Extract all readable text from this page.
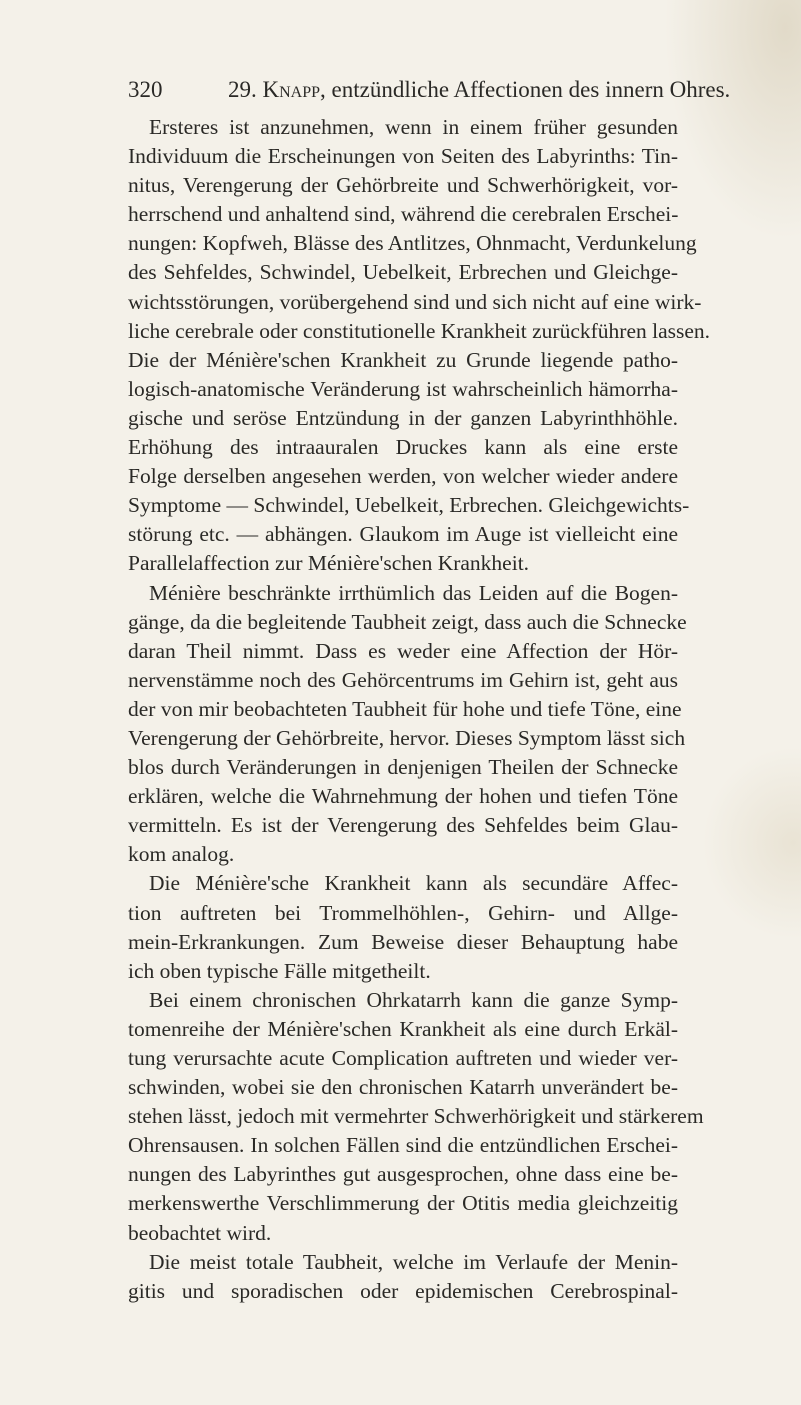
320	29. Knapp, entzündliche Affectionen des innern Ohres.
Ersteres ist anzunehmen, wenn in einem früher gesunden
Individuum die Erscheinungen von Seiten des Labyrinths: Tin-
nitus, Verengerung der Gehörbreite und Schwerhörigkeit, vor-
herrschend und anhaltend sind, während die cerebralen Erschei-
nungen: Kopfweh, Blässe des Antlitzes, Ohnmacht, Verdunkelung
des Sehfeldes, Schwindel, Uebelkeit, Erbrechen und Gleichge-
wichtsstörungen, vorübergehend sind und sich nicht auf eine wirk-
liche cerebrale oder constitutionelle Krankheit zurückführen lassen.
Die der Ménière'schen Krankheit zu Grunde liegende patho-
logisch-anatomische Veränderung ist wahrscheinlich hämorrha-
gische und seröse Entzündung in der ganzen Labyrinthhöhle.
Erhöhung des intraauralen Druckes kann als eine erste
Folge derselben angesehen werden, von welcher wieder andere
Symptome — Schwindel, Uebelkeit, Erbrechen. Gleichgewichts-
störung etc. — abhängen. Glaukom im Auge ist vielleicht eine
Parallelaffection zur Ménière'schen Krankheit.
Ménière beschränkte irrthümlich das Leiden auf die Bogen-
gänge, da die begleitende Taubheit zeigt, dass auch die Schnecke
daran Theil nimmt. Dass es weder eine Affection der Hör-
nervenstämme noch des Gehörcentrums im Gehirn ist, geht aus
der von mir beobachteten Taubheit für hohe und tiefe Töne, eine
Verengerung der Gehörbreite, hervor. Dieses Symptom lässt sich
blos durch Veränderungen in denjenigen Theilen der Schnecke
erklären, welche die Wahrnehmung der hohen und tiefen Töne
vermitteln. Es ist der Verengerung des Sehfeldes beim Glau-
kom analog.
Die Ménière'sche Krankheit kann als secundäre Affec-
tion auftreten bei Trommelhöhlen-, Gehirn- und Allge-
mein-Erkrankungen. Zum Beweise dieser Behauptung habe
ich oben typische Fälle mitgetheilt.
Bei einem chronischen Ohrkatarrh kann die ganze Symp-
tomenreihe der Ménière'schen Krankheit als eine durch Erkäl-
tung verursachte acute Complication auftreten und wieder ver-
schwinden, wobei sie den chronischen Katarrh unverändert be-
stehen lässt, jedoch mit vermehrter Schwerhörigkeit und stärkerem
Ohrensausen. In solchen Fällen sind die entzündlichen Erschei-
nungen des Labyrinthes gut ausgesprochen, ohne dass eine be-
merkenswerthe Verschlimmerung der Otitis media gleichzeitig
beobachtet wird.
Die meist totale Taubheit, welche im Verlaufe der Menin-
gitis und sporadischen oder epidemischen Cerebrospinal-
